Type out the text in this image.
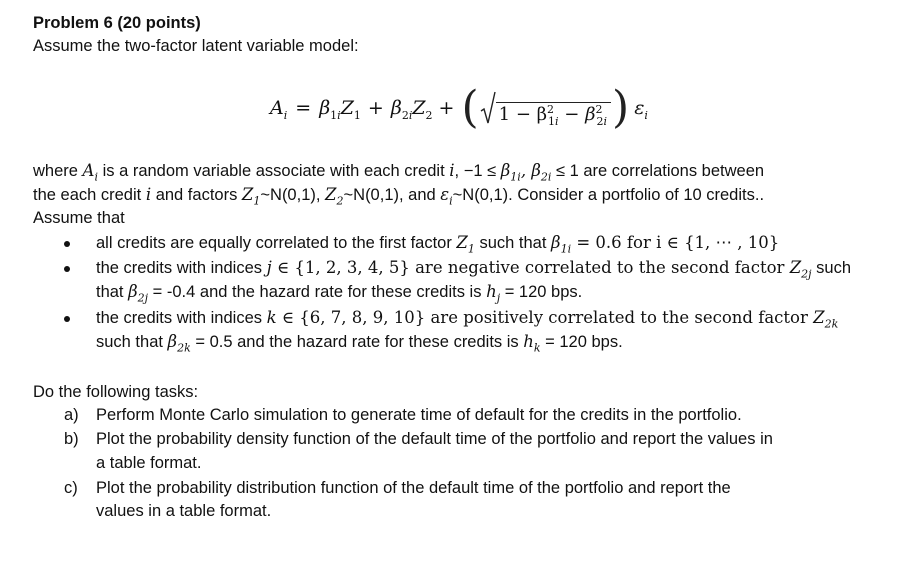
Problem 6 (20 points)
Assume the two-factor latent variable model:
$A_i = \beta_{1i}Z_1 + \beta_{2i}Z_2$ + ( $1 - \beta^2_{1i} - \beta^2_{2i}$ ) $\varepsilon_i$
where $A_i$ is a random variable associate with each credit i, $-1 \le \beta_{1i}$, $\beta_{2i} \le 1$ are correlations between
the each credit i and factors $Z_1\sim N(0,1)$, $Z_2\sim N(0,1)$, and $\varepsilon_i\sim N(0,1)$. Consider a portfolio of 10 credits..
Assume that
all credits are equally correlated to the first factor $Z_1$ such that $\beta_{1i} = 0.6$ for i ∈ {1, ⋯ , 10}
the credits with indices j ∈ {1, 2, 3, 4, 5} are negative correlated to the second factor $Z_{2j}$ such
that $\beta_{2j} = -0.4$ and the hazard rate for these credits is $h_j = 120$ bps.
the credits with indices k ∈ {6, 7, 8, 9, 10} are positively correlated to the second factor $Z_{2k}$
such that $\beta_{2k} = 0.5$ and the hazard rate for these credits is $h_k = 120$ bps.
Do the following tasks:
a) Perform Monte Carlo simulation to generate time of default for the credits in the portfolio.
b) Plot the probability density function of the default time of the portfolio and report the values in
a table format.
c) Plot the probability distribution function of the default time of the portfolio and report the
values in a table format.
